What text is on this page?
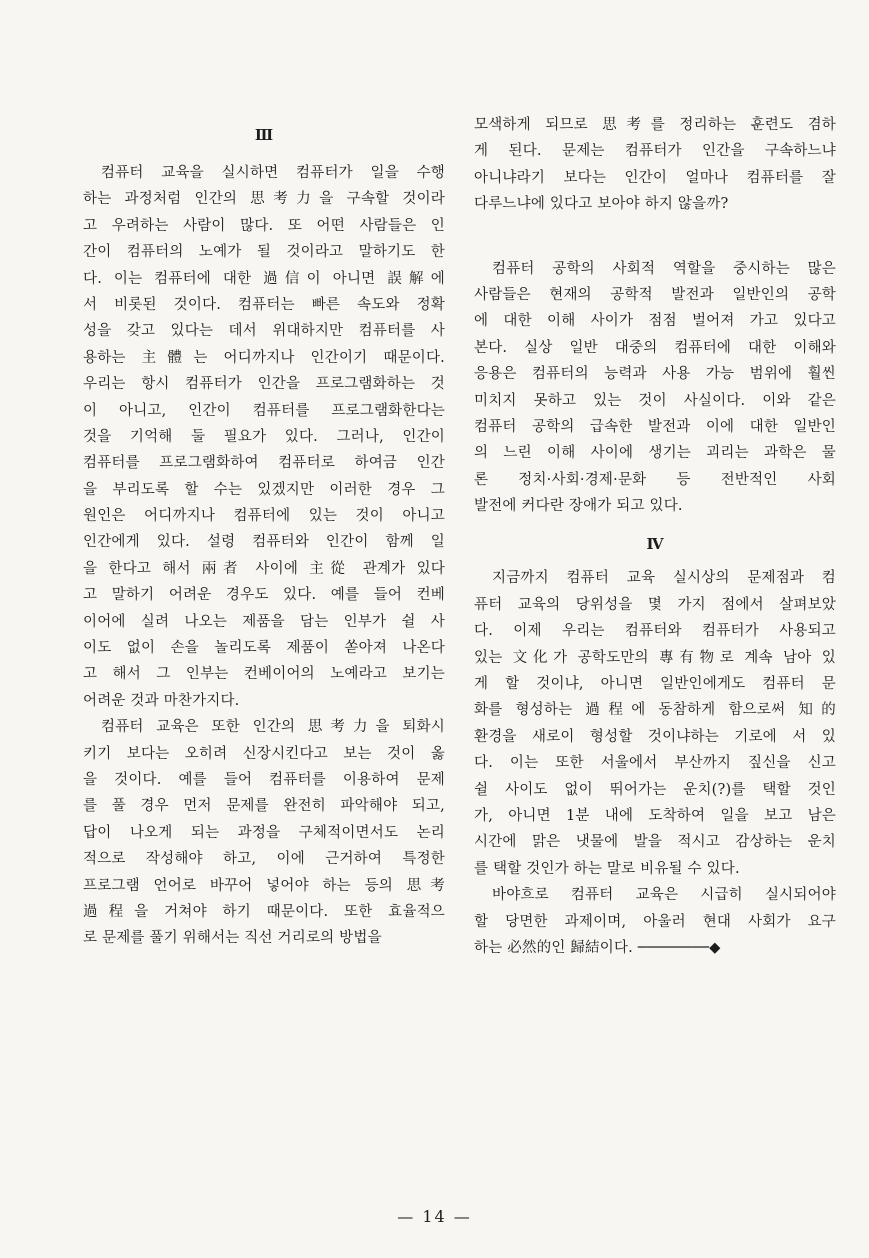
Ⅲ
컴퓨터 교육을 실시하면 컴퓨터가 일을 수행
하는 과정처럼 인간의 思考力을 구속할 것이라
고 우려하는 사람이 많다. 또 어떤 사람들은 인
간이 컴퓨터의 노예가 될 것이라고 말하기도 한
다. 이는 컴퓨터에 대한 過信이 아니면 誤解에
서 비롯된 것이다. 컴퓨터는 빠른 속도와 정확
성을 갖고 있다는 데서 위대하지만 컴퓨터를 사
용하는 主體는 어디까지나 인간이기 때문이다.
우리는 항시 컴퓨터가 인간을 프로그램화하는 것
이 아니고, 인간이 컴퓨터를 프로그램화한다는
것을 기억해 둘 필요가 있다. 그러나, 인간이
컴퓨터를 프로그램화하여 컴퓨터로 하여금 인간
을 부리도록 할 수는 있겠지만 이러한 경우 그
원인은 어디까지나 컴퓨터에 있는 것이 아니고
인간에게 있다. 설령 컴퓨터와 인간이 함께 일
을 한다고 해서 兩者 사이에 主從 관계가 있다
고 말하기 어려운 경우도 있다. 예를 들어 컨베
이어에 실려 나오는 제품을 담는 인부가 쉴 사
이도 없이 손을 놀리도록 제품이 쏟아져 나온다
고 해서 그 인부는 컨베이어의 노예라고 보기는
어려운 것과 마찬가지다.
컴퓨터 교육은 또한 인간의 思考力을 퇴화시
키기 보다는 오히려 신장시킨다고 보는 것이 옳
을 것이다. 예를 들어 컴퓨터를 이용하여 문제
를 풀 경우 먼저 문제를 완전히 파악해야 되고,
답이 나오게 되는 과정을 구체적이면서도 논리
적으로 작성해야 하고, 이에 근거하여 특정한
프로그램 언어로 바꾸어 넣어야 하는 등의 思考
過程을 거쳐야 하기 때문이다. 또한 효율적으
로 문제를 풀기 위해서는 직선 거리로의 방법을
모색하게 되므로 思考를 정리하는 훈련도 겸하
게 된다. 문제는 컴퓨터가 인간을 구속하느냐
아니냐라기 보다는 인간이 얼마나 컴퓨터를 잘
다루느냐에 있다고 보아야 하지 않을까?
컴퓨터 공학의 사회적 역할을 중시하는 많은
사람들은 현재의 공학적 발전과 일반인의 공학
에 대한 이해 사이가 점점 벌어져 가고 있다고
본다. 실상 일반 대중의 컴퓨터에 대한 이해와
응용은 컴퓨터의 능력과 사용 가능 범위에 훨씬
미치지 못하고 있는 것이 사실이다. 이와 같은
컴퓨터 공학의 급속한 발전과 이에 대한 일반인
의 느린 이해 사이에 생기는 괴리는 과학은 물
론 정치·사회·경제·문화 등 전반적인 사회
발전에 커다란 장애가 되고 있다.
Ⅳ
지금까지 컴퓨터 교육 실시상의 문제점과 컴
퓨터 교육의 당위성을 몇 가지 점에서 살펴보았
다. 이제 우리는 컴퓨터와 컴퓨터가 사용되고
있는 文化가 공학도만의 專有物로 계속 남아 있
게 할 것이냐, 아니면 일반인에게도 컴퓨터 문
화를 형성하는 過程에 동참하게 함으로써 知的
환경을 새로이 형성할 것이냐하는 기로에 서 있
다. 이는 또한 서울에서 부산까지 짚신을 신고
쉴 사이도 없이 뛰어가는 운치(?)를 택할 것인
가, 아니면 1분 내에 도착하여 일을 보고 남은
시간에 맑은 냇물에 발을 적시고 감상하는 운치
를 택할 것인가 하는 말로 비유될 수 있다.
바야흐로 컴퓨터 교육은 시급히 실시되어야
할 당면한 과제이며, 아울러 현대 사회가 요구
하는 必然的인 歸結이다. ────────◆
— 14 —
